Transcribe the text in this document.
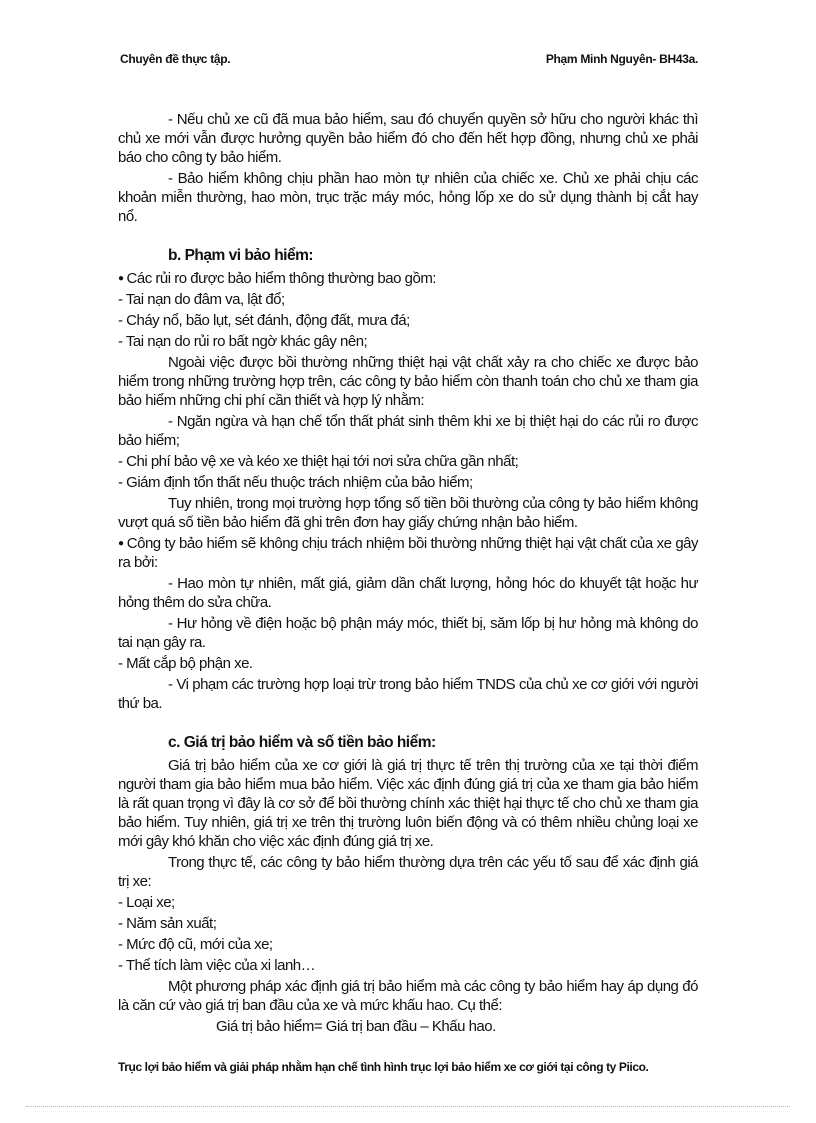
Chuyên đề thực tập.	Phạm Minh Nguyên- BH43a.
- Nếu chủ xe cũ đã mua bảo hiểm, sau đó chuyển quyền sở hữu cho người khác thì chủ xe mới vẫn được hưởng quyền bảo hiểm đó cho đến hết hợp đồng, nhưng chủ xe phải báo cho công ty bảo hiểm.
- Bảo hiểm không chịu phần hao mòn tự nhiên của chiếc xe. Chủ xe phải chịu các khoản miễn thường, hao mòn, trục trặc máy móc, hỏng lốp xe do sử dụng thành bị cắt hay nổ.
b. Phạm vi bảo hiểm:
● Các rủi ro được bảo hiểm thông thường bao gồm:
- Tai nạn do đâm va, lật đổ;
- Cháy nổ, bão lụt, sét đánh, động đất, mưa đá;
- Tai nạn do rủi ro bất ngờ khác gây nên;
Ngoài việc được bồi thường những thiệt hại vật chất xảy ra cho chiếc xe được bảo hiểm trong những trường hợp trên, các công ty bảo hiểm còn thanh toán cho chủ xe tham gia bảo hiểm những chi phí cần thiết và hợp lý nhằm:
- Ngăn ngừa và hạn chế tổn thất phát sinh thêm khi xe bị thiệt hại do các rủi ro được bảo hiểm;
- Chi phí bảo vệ xe và kéo xe thiệt hại tới nơi sửa chữa gần nhất;
- Giám định tổn thất nếu thuộc trách nhiệm của bảo hiểm;
Tuy nhiên, trong mọi trường hợp tổng số tiền bồi thường của công ty bảo hiểm không vượt quá số tiền bảo hiểm đã ghi trên đơn hay giấy chứng nhận bảo hiểm.
● Công ty bảo hiểm sẽ không chịu trách nhiệm bồi thường những thiệt hại vật chất của xe gây ra bởi:
- Hao mòn tự nhiên, mất giá, giảm dần chất lượng, hỏng hóc do khuyết tật hoặc hư hỏng thêm do sửa chữa.
- Hư hỏng về điện hoặc bộ phận máy móc, thiết bị, săm lốp bị hư hỏng mà không do tai nạn gây ra.
- Mất cắp bộ phận xe.
- Vi phạm các trường hợp loại trừ trong bảo hiểm TNDS của chủ xe cơ giới với người thứ ba.
c. Giá trị bảo hiểm và số tiền bảo hiểm:
Giá trị bảo hiểm của xe cơ giới là giá trị thực tế trên thị trường của xe tại thời điểm người tham gia bảo hiểm mua bảo hiểm. Việc xác định đúng giá trị của xe tham gia bảo hiểm là rất quan trọng vì đây là cơ sở để bồi thường chính xác thiệt hại thực tế cho chủ xe tham gia bảo hiểm. Tuy nhiên, giá trị xe trên thị trường luôn biến động và có thêm nhiều chủng loại xe mới gây khó khăn cho việc xác định đúng giá trị xe.
Trong thực tế, các công ty bảo hiểm thường dựa trên các yếu tố sau để xác định giá trị xe:
- Loại xe;
- Năm sản xuất;
- Mức độ cũ, mới của xe;
- Thể tích làm việc của xi lanh…
Một phương pháp xác định giá trị bảo hiểm mà các công ty bảo hiểm hay áp dụng đó là căn cứ vào giá trị ban đầu của xe và mức khấu hao. Cụ thể:
Giá trị bảo hiểm= Giá trị ban đầu – Khấu hao.
Trục lợi bảo hiểm và giải pháp nhằm hạn chế tình hình trục lợi bảo hiểm xe cơ giới tại công ty Piico.
